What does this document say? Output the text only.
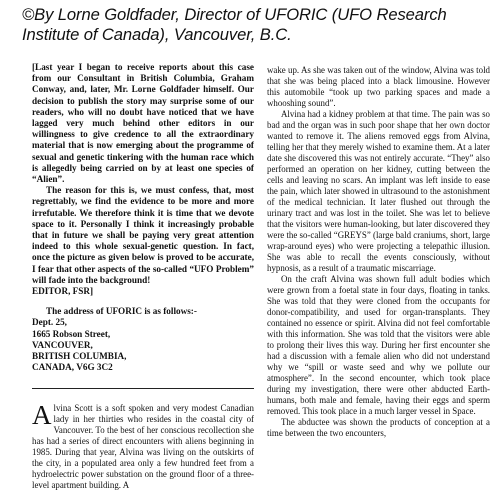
©By Lorne Goldfader, Director of UFORIC (UFO Research Institute of Canada), Vancouver, B.C.

[Last year I began to receive reports about this case from our Consultant in British Columbia, Graham Conway, and, later, Mr. Lorne Goldfader himself. Our decision to publish the story may surprise some of our readers, who will no doubt have noticed that we have lagged very much behind other editors in our willingness to give credence to all the extraordinary material that is now emerging about the programme of sexual and genetic tinkering with the human race which is allegedly being carried on by at least one species of “Alien”.

The reason for this is, we must confess, that, most regrettably, we find the evidence to be more and more irrefutable. We therefore think it is time that we devote space to it. Personally I think it increasingly probable that in future we shall be paying very great attention indeed to this whole sexual-genetic question. In fact, once the picture as given below is proved to be accurate, I fear that other aspects of the so-called “UFO Problem” will fade into the background!

EDITOR, FSR]

The address of UFORIC is as follows:-
Dept. 25,
1665 Robson Street,
VANCOUVER,
BRITISH COLUMBIA,
CANADA, V6G 3C2
A lvina Scott is a soft spoken and very modest Canadian lady in her thirties who resides in the coastal city of Vancouver. To the best of her conscious recollection she has had a series of direct encounters with aliens beginning in 1985. During that year, Alvina was living on the outskirts of the city, in a populated area only a few hundred feet from a hydroelectric power substation on the ground floor of a three-level apartment building. A

wake up. As she was taken out of the window, Alvina was told that she was being placed into a black limousine. However this automobile “took up two parking spaces and made a whooshing sound”.

Alvina had a kidney problem at that time. The pain was so bad and the organ was in such poor shape that her own doctor wanted to remove it. The aliens removed eggs from Alvina, telling her that they merely wished to examine them. At a later date she discovered this was not entirely accurate. “They” also performed an operation on her kidney, cutting between the cells and leaving no scars. An implant was left inside to ease the pain, which later showed in ultrasound to the astonishment of the medical technician. It later flushed out through the urinary tract and was lost in the toilet. She was let to believe that the visitors were human-looking, but later discovered they were the so-called “GREYS” (large bald craniums, short, large wrap-around eyes) who were projecting a telepathic illusion. She was able to recall the events consciously, without hypnosis, as a result of a traumatic miscarriage.

On the craft Alvina was shown full adult bodies which were grown from a foetal state in four days, floating in tanks. She was told that they were cloned from the occupants for donor-compatibility, and used for organ-transplants. They contained no essence or spirit. Alvina did not feel comfortable with this information. She was told that the visitors were able to prolong their lives this way. During her first encounter she had a discussion with a female alien who did not understand why we “spill or waste seed and why we pollute our atmosphere”. In the second encounter, which took place during my investigation, there were other abducted Earth-humans, both male and female, having their eggs and sperm removed. This took place in a much larger vessel in Space.

The abductee was shown the products of conception at a time between the two encounters,
